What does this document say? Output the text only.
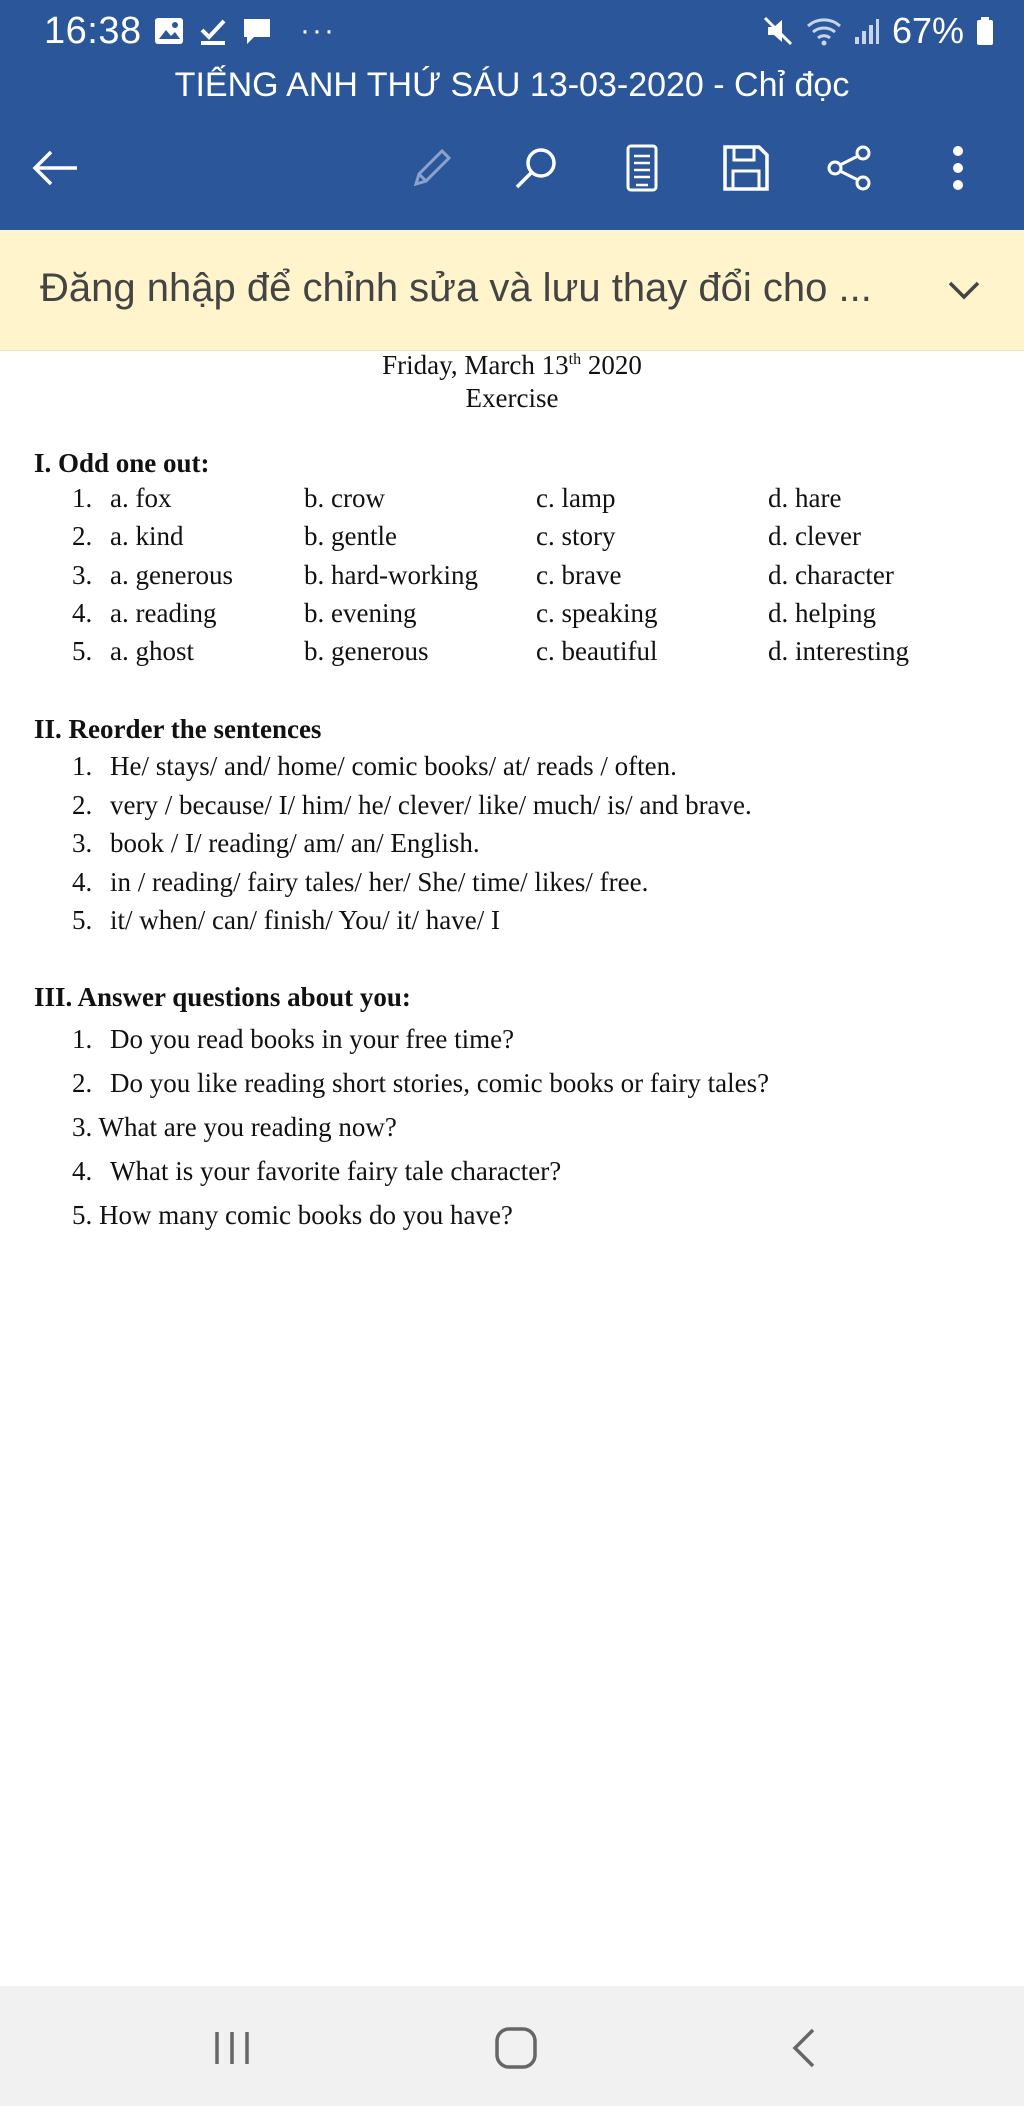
16:38	···	67%
TIẾNG ANH THỨ SÁU 13-03-2020 - Chỉ đọc
Đăng nhập để chỉnh sửa và lưu thay đổi cho ...
Friday, March 13th 2020
Exercise
I. Odd one out:
1. a. fox	b. crow	c. lamp	d. hare
2. a. kind	b. gentle	c. story	d. clever
3. a. generous	b. hard-working c. brave	d. character
4. a. reading	b. evening	c. speaking	d. helping
5. a. ghost	b. generous	c. beautiful	d. interesting
II. Reorder the sentences
1. He/ stays/ and/ home/ comic books/ at/ reads / often.
2. very / because/ I/ him/ he/ clever/ like/ much/ is/ and brave.
3. book / I/ reading/ am/ an/ English.
4. in / reading/ fairy tales/ her/ She/ time/ likes/ free.
5. it/ when/ can/ finish/ You/ it/ have/ I
III. Answer questions about you:
1. Do you read books in your free time?
2. Do you like reading short stories, comic books or fairy tales?
3. What are you reading now?
4. What is your favorite fairy tale character?
5. How many comic books do you have?
